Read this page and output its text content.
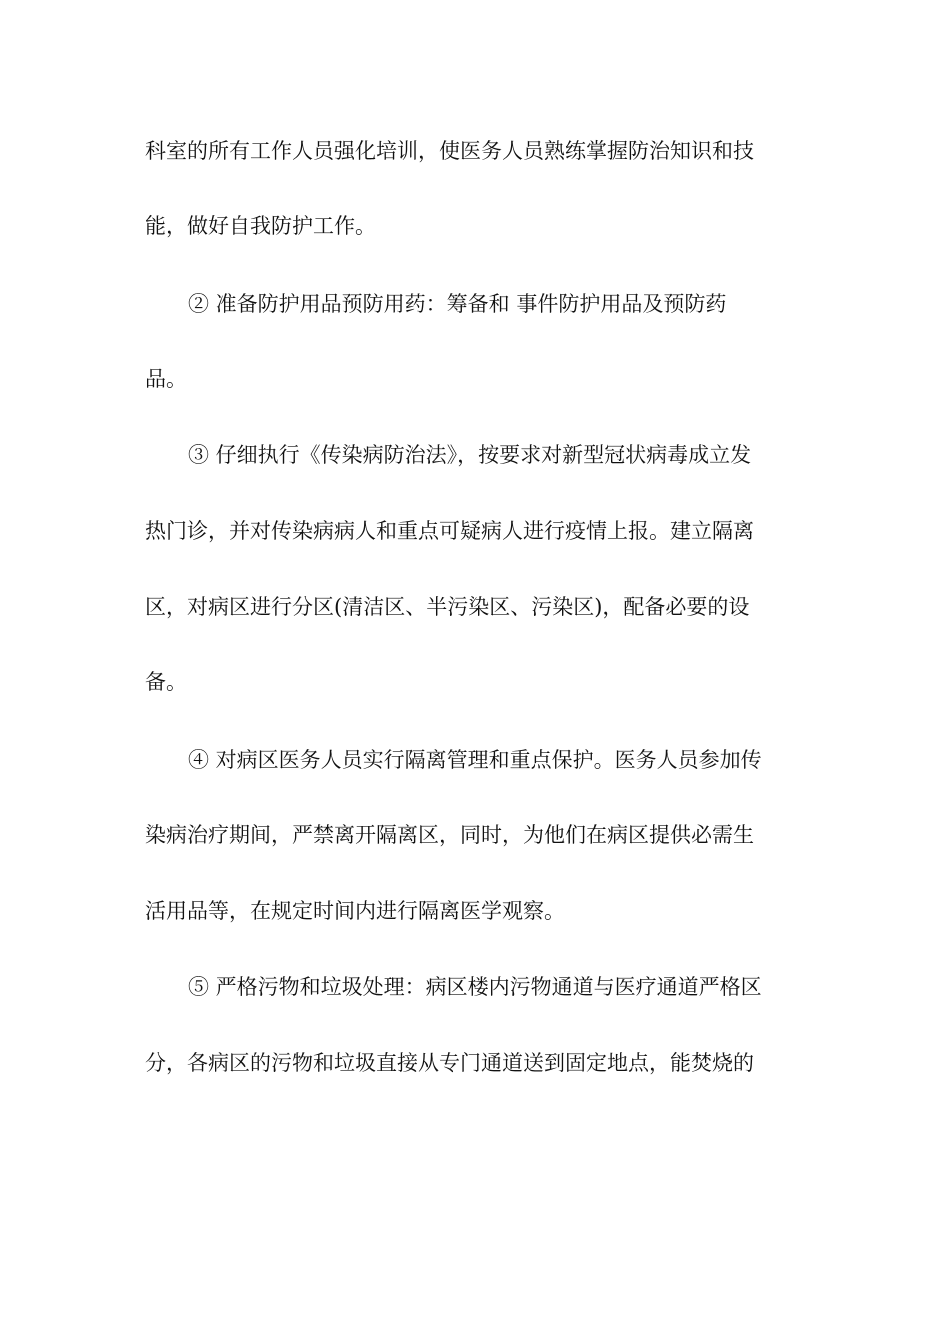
科室的所有工作人员强化培训，使医务人员熟练掌握防治知识和技
能，做好自我防护工作。
② 准备防护用品预防用药：筹备和 事件防护用品及预防药
品。
③ 仔细执行《传染病防治法》，按要求对新型冠状病毒成立发
热门诊，并对传染病病人和重点可疑病人进行疫情上报。建立隔离
区，对病区进行分区(清洁区、半污染区、污染区)，配备必要的设
备。
④ 对病区医务人员实行隔离管理和重点保护。医务人员参加传
染病治疗期间，严禁离开隔离区，同时，为他们在病区提供必需生
活用品等，在规定时间内进行隔离医学观察。
⑤ 严格污物和垃圾处理：病区楼内污物通道与医疗通道严格区
分，各病区的污物和垃圾直接从专门通道送到固定地点，能焚烧的
